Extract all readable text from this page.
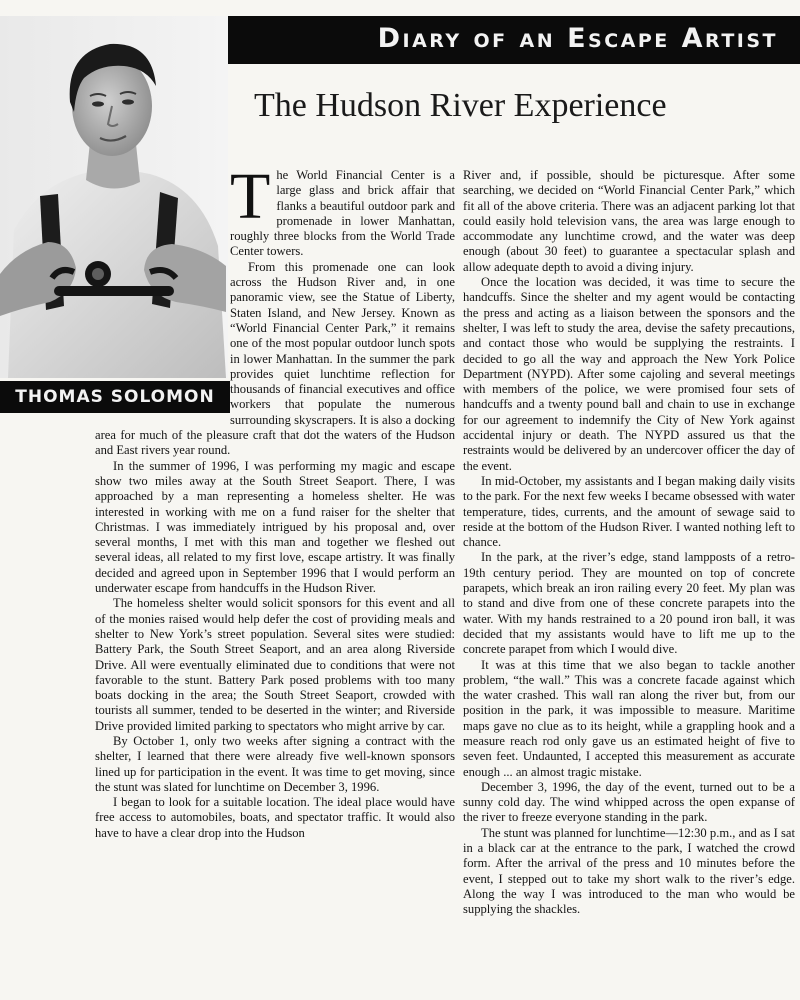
Diary of an Escape Artist
The Hudson River Experience
THOMAS SOLOMON

The World Financial Center is a large glass and brick affair that flanks a beautiful outdoor park and promenade in lower Manhattan, roughly three blocks from the World Trade Center towers.

From this promenade one can look across the Hudson River and, in one panoramic view, see the Statue of Liberty, Staten Island, and New Jersey. Known as “World Financial Center Park,” it remains one of the most popular outdoor lunch spots in lower Manhattan. In the summer the park provides quiet lunchtime reflection for thousands of financial executives and office workers that populate the numerous surrounding skyscrapers. It is also a docking area for much of the pleasure craft that dot the waters of the Hudson and East rivers year round.

In the summer of 1996, I was performing my magic and escape show two miles away at the South Street Seaport. There, I was approached by a man representing a homeless shelter. He was interested in working with me on a fund raiser for the shelter that Christmas. I was immediately intrigued by his proposal and, over several months, I met with this man and together we fleshed out several ideas, all related to my first love, escape artistry. It was finally decided and agreed upon in September 1996 that I would perform an underwater escape from handcuffs in the Hudson River.

The homeless shelter would solicit sponsors for this event and all of the monies raised would help defer the cost of providing meals and shelter to New York’s street population. Several sites were studied: Battery Park, the South Street Seaport, and an area along Riverside Drive. All were eventually eliminated due to conditions that were not favorable to the stunt. Battery Park posed problems with too many boats docking in the area; the South Street Seaport, crowded with tourists all summer, tended to be deserted in the winter; and Riverside Drive provided limited parking to spectators who might arrive by car.

By October 1, only two weeks after signing a contract with the shelter, I learned that there were already five well-known sponsors lined up for participation in the event. It was time to get moving, since the stunt was slated for lunchtime on December 3, 1996.

I began to look for a suitable location. The ideal place would have free access to automobiles, boats, and spectator traffic. It would also have to have a clear drop into the Hudson

River and, if possible, should be picturesque. After some searching, we decided on “World Financial Center Park,” which fit all of the above criteria. There was an adjacent parking lot that could easily hold television vans, the area was large enough to accommodate any lunchtime crowd, and the water was deep enough (about 30 feet) to guarantee a spectacular splash and allow adequate depth to avoid a diving injury.

Once the location was decided, it was time to secure the handcuffs. Since the shelter and my agent would be contacting the press and acting as a liaison between the sponsors and the shelter, I was left to study the area, devise the safety precautions, and contact those who would be supplying the restraints. I decided to go all the way and approach the New York Police Department (NYPD). After some cajoling and several meetings with members of the police, we were promised four sets of handcuffs and a twenty pound ball and chain to use in exchange for our agreement to indemnify the City of New York against accidental injury or death. The NYPD assured us that the restraints would be delivered by an undercover officer the day of the event.

In mid-October, my assistants and I began making daily visits to the park. For the next few weeks I became obsessed with water temperature, tides, currents, and the amount of sewage said to reside at the bottom of the Hudson River. I wanted nothing left to chance.

In the park, at the river’s edge, stand lampposts of a retro-19th century period. They are mounted on top of concrete parapets, which break an iron railing every 20 feet. My plan was to stand and dive from one of these concrete parapets into the water. With my hands restrained to a 20 pound iron ball, it was decided that my assistants would have to lift me up to the concrete parapet from which I would dive.

It was at this time that we also began to tackle another problem, “the wall.” This was a concrete facade against which the water crashed. This wall ran along the river but, from our position in the park, it was impossible to measure. Maritime maps gave no clue as to its height, while a grappling hook and a measure reach rod only gave us an estimated height of five to seven feet. Undaunted, I accepted this measurement as accurate enough ... an almost tragic mistake.

December 3, 1996, the day of the event, turned out to be a sunny cold day. The wind whipped across the open expanse of the river to freeze everyone standing in the park.

The stunt was planned for lunchtime—12:30 p.m., and as I sat in a black car at the entrance to the park, I watched the crowd form. After the arrival of the press and 10 minutes before the event, I stepped out to take my short walk to the river’s edge. Along the way I was introduced to the man who would be supplying the shackles.
